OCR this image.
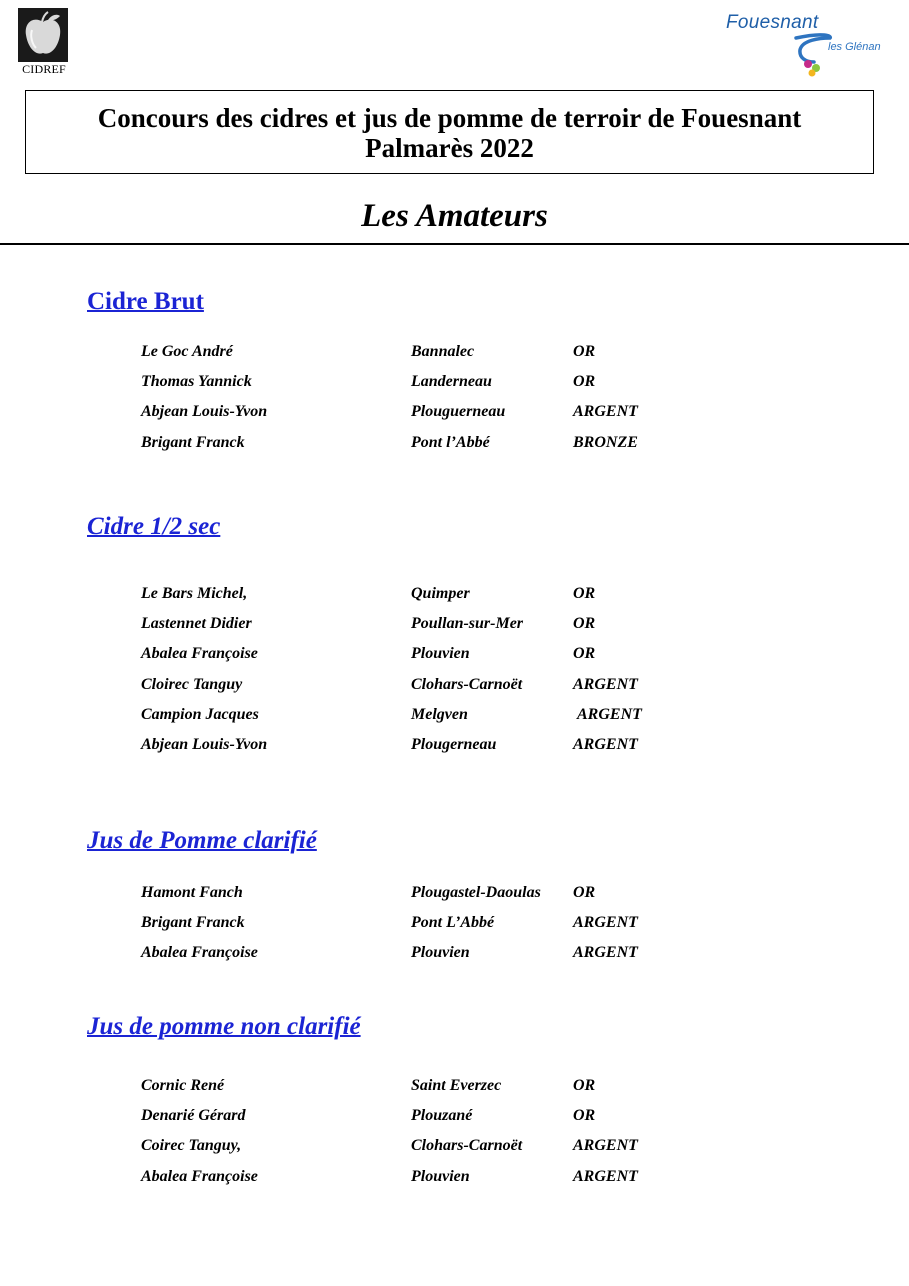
CIDREF
Fouesnant
les Glénan
Concours des cidres et jus de pomme de terroir de Fouesnant
Palmarès 2022
Les Amateurs
Cidre Brut
Le Goc André	Bannalec	OR
Thomas Yannick	Landerneau	OR
Abjean Louis-Yvon	Plouguerneau	ARGENT
Brigant Franck	Pont l’Abbé	BRONZE
Cidre 1/2 sec
Le Bars Michel,	Quimper	OR
Lastennet Didier	Poullan-sur-Mer	OR
Abalea Françoise	Plouvien	OR
Cloirec Tanguy	Clohars-Carnoët	ARGENT
Campion Jacques	Melgven	ARGENT
Abjean Louis-Yvon	Plougerneau	ARGENT
Jus de Pomme clarifié
Hamont Fanch	Plougastel-Daoulas OR
Brigant Franck	Pont L’Abbé	ARGENT
Abalea Françoise	Plouvien	ARGENT
Jus de pomme non clarifié
Cornic René	Saint Everzec	OR
Denarié Gérard	Plouzané	OR
Coirec Tanguy,	Clohars-Carnoët	ARGENT
Abalea Françoise	Plouvien	ARGENT
